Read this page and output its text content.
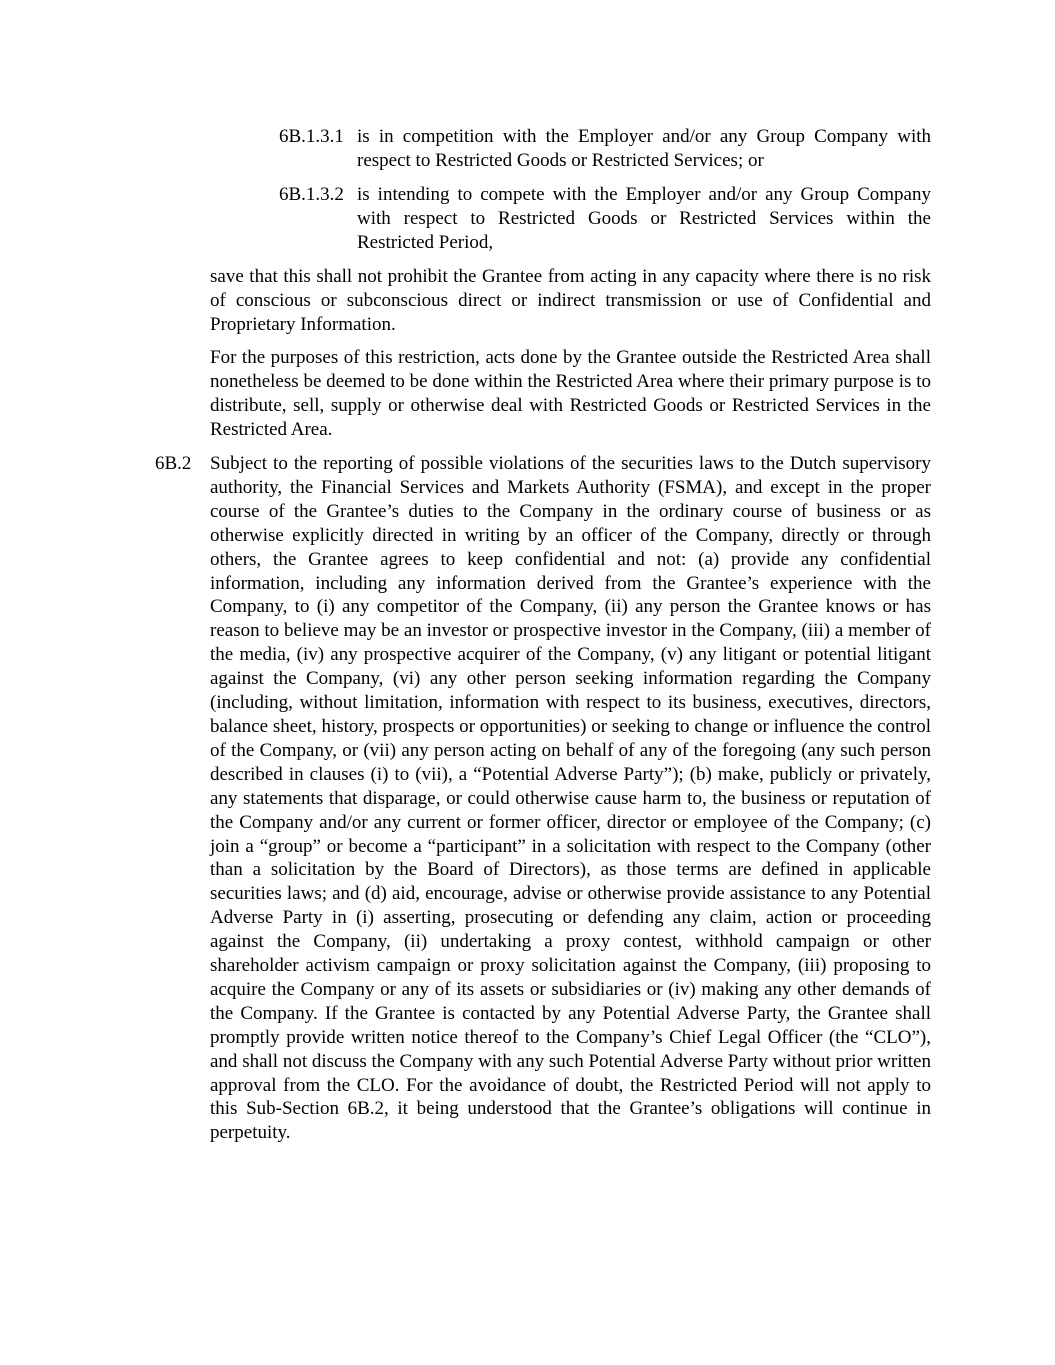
6B.1.3.1 is in competition with the Employer and/or any Group Company with respect to Restricted Goods or Restricted Services; or

6B.1.3.2 is intending to compete with the Employer and/or any Group Company with respect to Restricted Goods or Restricted Services within the Restricted Period,

save that this shall not prohibit the Grantee from acting in any capacity where there is no risk of conscious or subconscious direct or indirect transmission or use of Confidential and Proprietary Information.

For the purposes of this restriction, acts done by the Grantee outside the Restricted Area shall nonetheless be deemed to be done within the Restricted Area where their primary purpose is to distribute, sell, supply or otherwise deal with Restricted Goods or Restricted Services in the Restricted Area.

6B.2 Subject to the reporting of possible violations of the securities laws to the Dutch supervisory authority, the Financial Services and Markets Authority (FSMA), and except in the proper course of the Grantee’s duties to the Company in the ordinary course of business or as otherwise explicitly directed in writing by an officer of the Company, directly or through others, the Grantee agrees to keep confidential and not: (a) provide any confidential information, including any information derived from the Grantee’s experience with the Company, to (i) any competitor of the Company, (ii) any person the Grantee knows or has reason to believe may be an investor or prospective investor in the Company, (iii) a member of the media, (iv) any prospective acquirer of the Company, (v) any litigant or potential litigant against the Company, (vi) any other person seeking information regarding the Company (including, without limitation, information with respect to its business, executives, directors, balance sheet, history, prospects or opportunities) or seeking to change or influence the control of the Company, or (vii) any person acting on behalf of any of the foregoing (any such person described in clauses (i) to (vii), a “Potential Adverse Party”); (b) make, publicly or privately, any statements that disparage, or could otherwise cause harm to, the business or reputation of the Company and/or any current or former officer, director or employee of the Company; (c) join a “group” or become a “participant” in a solicitation with respect to the Company (other than a solicitation by the Board of Directors), as those terms are defined in applicable securities laws; and (d) aid, encourage, advise or otherwise provide assistance to any Potential Adverse Party in (i) asserting, prosecuting or defending any claim, action or proceeding against the Company, (ii) undertaking a proxy contest, withhold campaign or other shareholder activism campaign or proxy solicitation against the Company, (iii) proposing to acquire the Company or any of its assets or subsidiaries or (iv) making any other demands of the Company. If the Grantee is contacted by any Potential Adverse Party, the Grantee shall promptly provide written notice thereof to the Company’s Chief Legal Officer (the “CLO”), and shall not discuss the Company with any such Potential Adverse Party without prior written approval from the CLO. For the avoidance of doubt, the Restricted Period will not apply to this Sub-Section 6B.2, it being understood that the Grantee’s obligations will continue in perpetuity.
